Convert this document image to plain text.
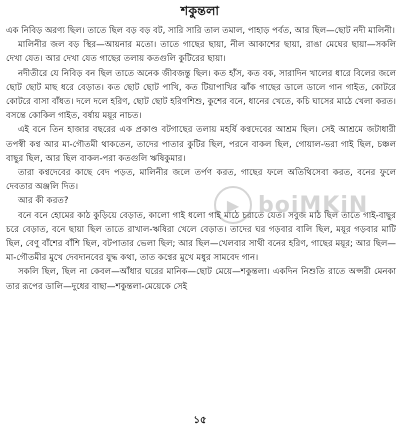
শকুন্তলা

এক নিবিড় অরণ্য ছিল। তাতে ছিল বড় বড় বট, সারি সারি তাল তমাল, পাহাড় পর্বত, আর ছিল—ছোট নদী মালিনী।

মালিনীর জল বড় স্থির—আয়নার মতো। তাতে গাছের ছায়া, নীল আকাশের ছায়া, রাঙা মেঘের ছায়া—সকলি দেখা যেত। আর দেখা যেত গাছের তলায় কতগুলি কুটিরের ছায়া।

নদীতীরে যে নিবিড় বন ছিল তাতে অনেক জীবজন্তু ছিল। কত হাঁস, কত বক, সারাদিন খালের ধারে বিলের জলে ছোট ছোট মাছ ধরে বেড়াত। কত ছোট ছোট পাখি, কত টিয়াপাখির ঝাঁক গাছের ডালে ডালে গান গাইত, কোটরে কোটরে বাসা বাঁধত। দলে দলে হরিণ, ছোট ছোট হরিণশিশু, কুশের বনে, ধানের খেতে, কচি ঘাসের মাঠে খেলা করত। বসন্তে কোকিল গাইত, বর্ষায় ময়ূর নাচত।

এই বনে তিন হাজার বছরের এক প্রকাণ্ড বটগাছের তলায় মহর্ষি কণ্বদেবের আশ্রম ছিল। সেই আশ্রমে জটাধারী তপস্বী কণ্ব আর মা-গৌতমী থাকতেন, তাদের পাতার কুটির ছিল, পরনে বাকল ছিল, গোয়াল-ভরা গাই ছিল, চঞ্চল বাছুর ছিল, আর ছিল বাকল-পরা কতগুলি ঋষিকুমার।

তারা কণ্বদেবের কাছে বেদ পড়ত, মালিনীর জলে তর্পণ করত, গাছের ফলে অতিথিসেবা করত, বনের ফুলে দেবতার অঞ্জলি দিত।

আর কী করত?

বনে বনে হোমের কাঠ কুড়িয়ে বেড়াত, কালো গাই ধলো গাই মাঠে চরাতে যেত। সবুজ মাঠ ছিল তাতে গাই-বাছুর চরে বেড়াত, বনে ছায়া ছিল তাতে রাখাল-ঋষিরা খেলে বেড়াত। তাদের ঘর গড়বার বালি ছিল, ময়ূর গড়বার মাটি ছিল, বেণু বাঁশের বাঁশি ছিল, বটপাতার ভেলা ছিল; আর ছিল—খেলবার সাথী বনের হরিণ, গাছের ময়ূর; আর ছিল—মা-গৌতমীর মুখে দেবদানবের যুদ্ধ কথা, তাত কণ্বের মুখে মধুর সামবেদ গান।

সকলি ছিল, ছিল না কেবল—আঁধার ঘরের মানিক—ছোট মেয়ে—শকুন্তলা। একদিন নিশুতি রাতে অপ্সরী মেনকা তার রূপের ডালি—দুধের বাছা—শকুন্তলা-মেয়েকে সেই

▶ boiMKiN
১৫
